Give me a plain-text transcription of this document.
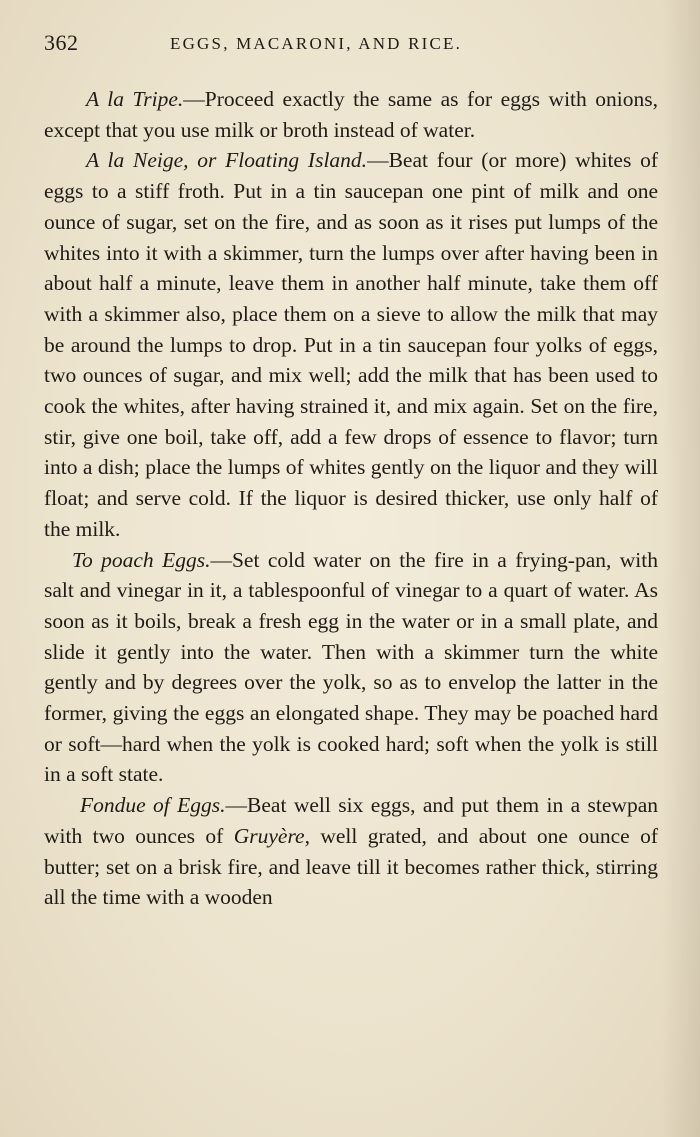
362	EGGS, MACARONI, AND RICE.

A la Tripe.—Proceed exactly the same as for eggs with onions, except that you use milk or broth instead of water.

A la Neige, or Floating Island.—Beat four (or more) whites of eggs to a stiff froth. Put in a tin saucepan one pint of milk and one ounce of sugar, set on the fire, and as soon as it rises put lumps of the whites into it with a skimmer, turn the lumps over after having been in about half a minute, leave them in another half minute, take them off with a skimmer also, place them on a sieve to allow the milk that may be around the lumps to drop. Put in a tin saucepan four yolks of eggs, two ounces of sugar, and mix well; add the milk that has been used to cook the whites, after having strained it, and mix again. Set on the fire, stir, give one boil, take off, add a few drops of essence to flavor; turn into a dish; place the lumps of whites gently on the liquor and they will float; and serve cold. If the liquor is desired thicker, use only half of the milk.

To poach Eggs.—Set cold water on the fire in a frying-pan, with salt and vinegar in it, a tablespoonful of vinegar to a quart of water. As soon as it boils, break a fresh egg in the water or in a small plate, and slide it gently into the water. Then with a skimmer turn the white gently and by degrees over the yolk, so as to envelop the latter in the former, giving the eggs an elongated shape. They may be poached hard or soft—hard when the yolk is cooked hard; soft when the yolk is still in a soft state.

Fondue of Eggs.—Beat well six eggs, and put them in a stewpan with two ounces of Gruyère, well grated, and about one ounce of butter; set on a brisk fire, and leave till it becomes rather thick, stirring all the time with a wooden
